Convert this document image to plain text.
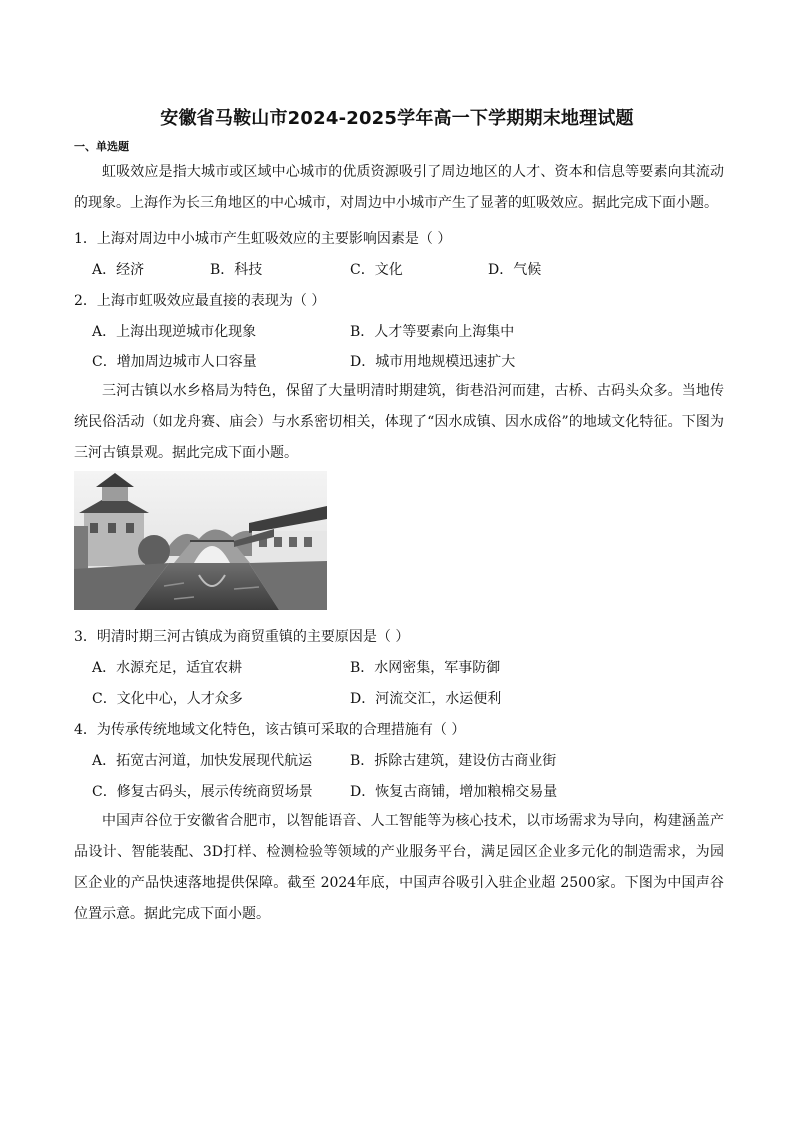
安徽省马鞍山市2024-2025学年高一下学期期末地理试题
一、单选题

虹吸效应是指大城市或区域中心城市的优质资源吸引了周边地区的人才、资本和信息等要素向其流动的现象。上海作为长三角地区的中心城市，对周边中小城市产生了显著的虹吸效应。据此完成下面小题。

1．上海对周边中小城市产生虹吸效应的主要影响因素是（ ）
A．经济	B．科技	C．文化	D．气候
2．上海市虹吸效应最直接的表现为（ ）
A．上海出现逆城市化现象	B．人才等要素向上海集中
C．增加周边城市人口容量	D．城市用地规模迅速扩大

三河古镇以水乡格局为特色，保留了大量明清时期建筑，街巷沿河而建，古桥、古码头众多。当地传统民俗活动（如龙舟赛、庙会）与水系密切相关，体现了“因水成镇、因水成俗”的地域文化特征。下图为三河古镇景观。据此完成下面小题。

3．明清时期三河古镇成为商贸重镇的主要原因是（ ）
A．水源充足，适宜农耕	B．水网密集，军事防御
C．文化中心，人才众多	D．河流交汇，水运便利
4．为传承传统地域文化特色，该古镇可采取的合理措施有（ ）
A．拓宽古河道，加快发展现代航运	B．拆除古建筑，建设仿古商业街
C．修复古码头，展示传统商贸场景	D．恢复古商铺，增加粮棉交易量

中国声谷位于安徽省合肥市，以智能语音、人工智能等为核心技术，以市场需求为导向，构建涵盖产品设计、智能装配、3D打样、检测检验等领域的产业服务平台，满足园区企业多元化的制造需求，为园区企业的产品快速落地提供保障。截至 2024年底，中国声谷吸引入驻企业超 2500家。下图为中国声谷位置示意。据此完成下面小题。
